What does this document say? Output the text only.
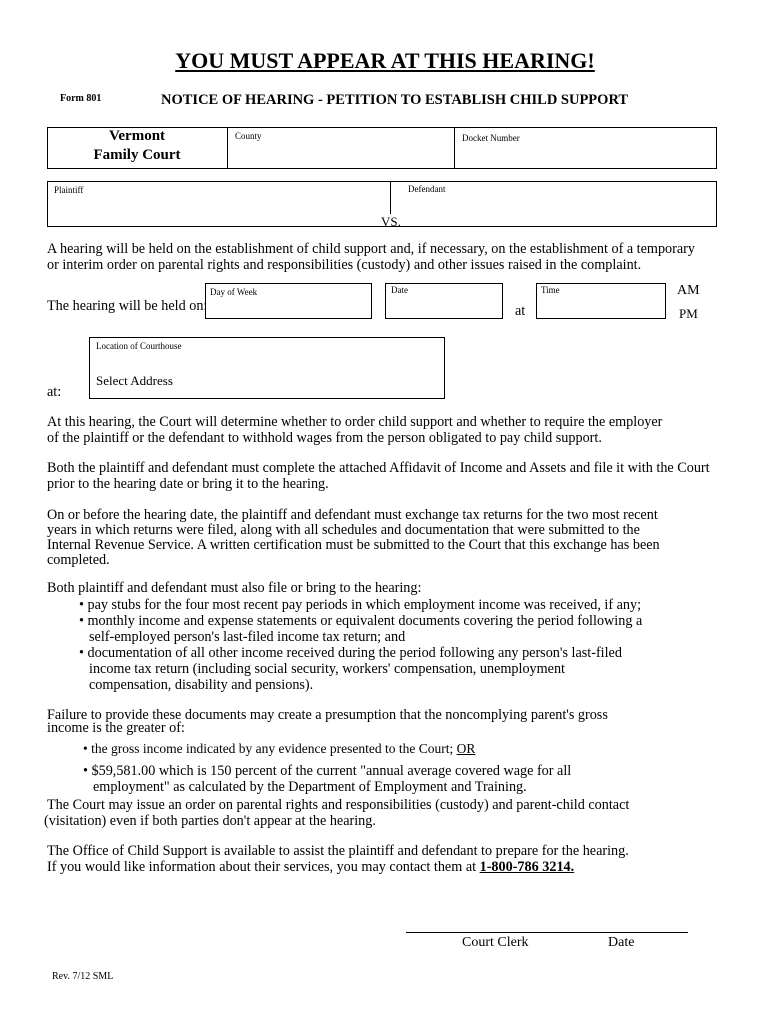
YOU MUST APPEAR AT THIS HEARING!
Form 801	NOTICE OF HEARING - PETITION TO ESTABLISH CHILD SUPPORT
Vermont
Family Court
County	Docket Number
Plaintiff	Defendant
VS.
A hearing will be held on the establishment of child support and, if necessary, on the establishment of a temporary
or interim order on parental rights and responsibilities (custody) and other issues raised in the complaint.
The hearing will be held on:
Day of Week	Date
at
Time	AM
PM
Location of Courthouse
Select Address
at:
At this hearing, the Court will determine whether to order child support and whether to require the employer
of the plaintiff or the defendant to withhold wages from the person obligated to pay child support.
Both the plaintiff and defendant must complete the attached Affidavit of Income and Assets and file it with the Court
prior to the hearing date or bring it to the hearing.
On or before the hearing date, the plaintiff and defendant must exchange tax returns for the two most recent
years in which returns were filed, along with all schedules and documentation that were submitted to the
Internal Revenue Service. A written certification must be submitted to the Court that this exchange has been
completed.
Both plaintiff and defendant must also file or bring to the hearing:
• pay stubs for the four most recent pay periods in which employment income was received, if any;
• monthly income and expense statements or equivalent documents covering the period following a
self-employed person's last-filed income tax return; and
• documentation of all other income received during the period following any person's last-filed
income tax return (including social security, workers' compensation, unemployment
compensation, disability and pensions).
Failure to provide these documents may create a presumption that the noncomplying parent's gross
income is the greater of:
• the gross income indicated by any evidence presented to the Court; OR
• $59,581.00 which is 150 percent of the current "annual average covered wage for all
employment" as calculated by the Department of Employment and Training.
The Court may issue an order on parental rights and responsibilities (custody) and parent-child contact
(visitation) even if both parties don't appear at the hearing.
The Office of Child Support is available to assist the plaintiff and defendant to prepare for the hearing.
If you would like information about their services, you may contact them at 1-800-786 3214.
Court Clerk	Date
Rev. 7/12 SML
